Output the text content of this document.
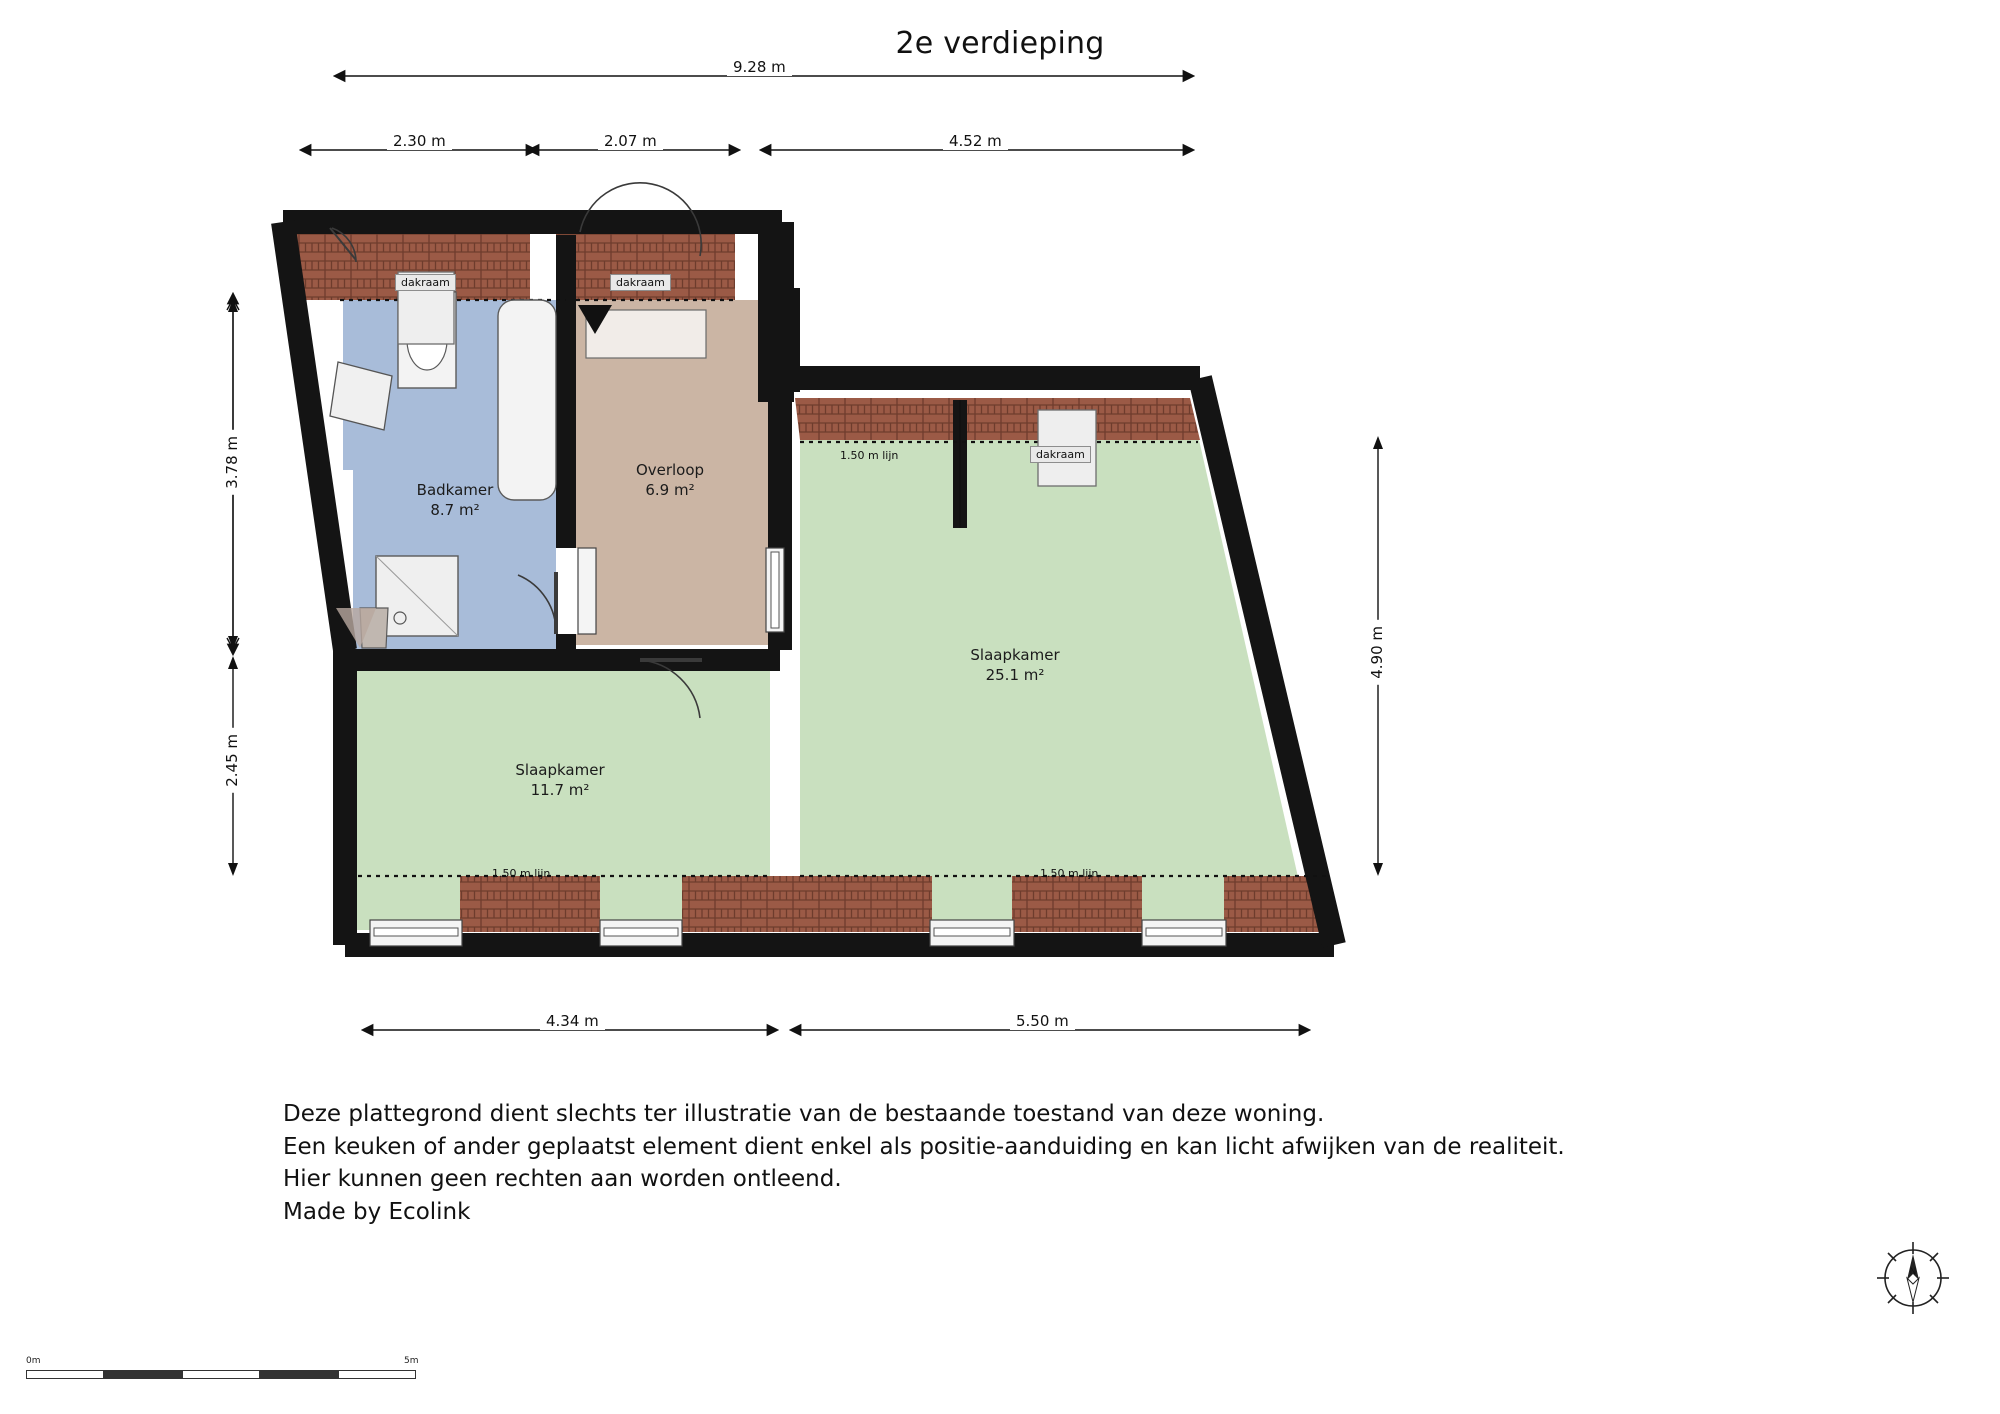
2e verdieping
9.28 m
2.30 m	2.07 m	4.52 m
3.78 m
2.45 m
4.90 m
4.34 m	5.50 m
Badkamer
8.7 m²
Overloop
6.9 m²
Slaapkamer
25.1 m²
Slaapkamer
11.7 m²
dakraam	dakraam
dakraam
1.50 m lijn
1.50 m lijn	1.50 m lijn
Deze plattegrond dient slechts ter illustratie van de bestaande toestand van deze woning.
Een keuken of ander geplaatst element dient enkel als positie-aanduiding en kan licht afwijken van de realiteit.
Hier kunnen geen rechten aan worden ontleend.
Made by Ecolink
0m	5m
N
